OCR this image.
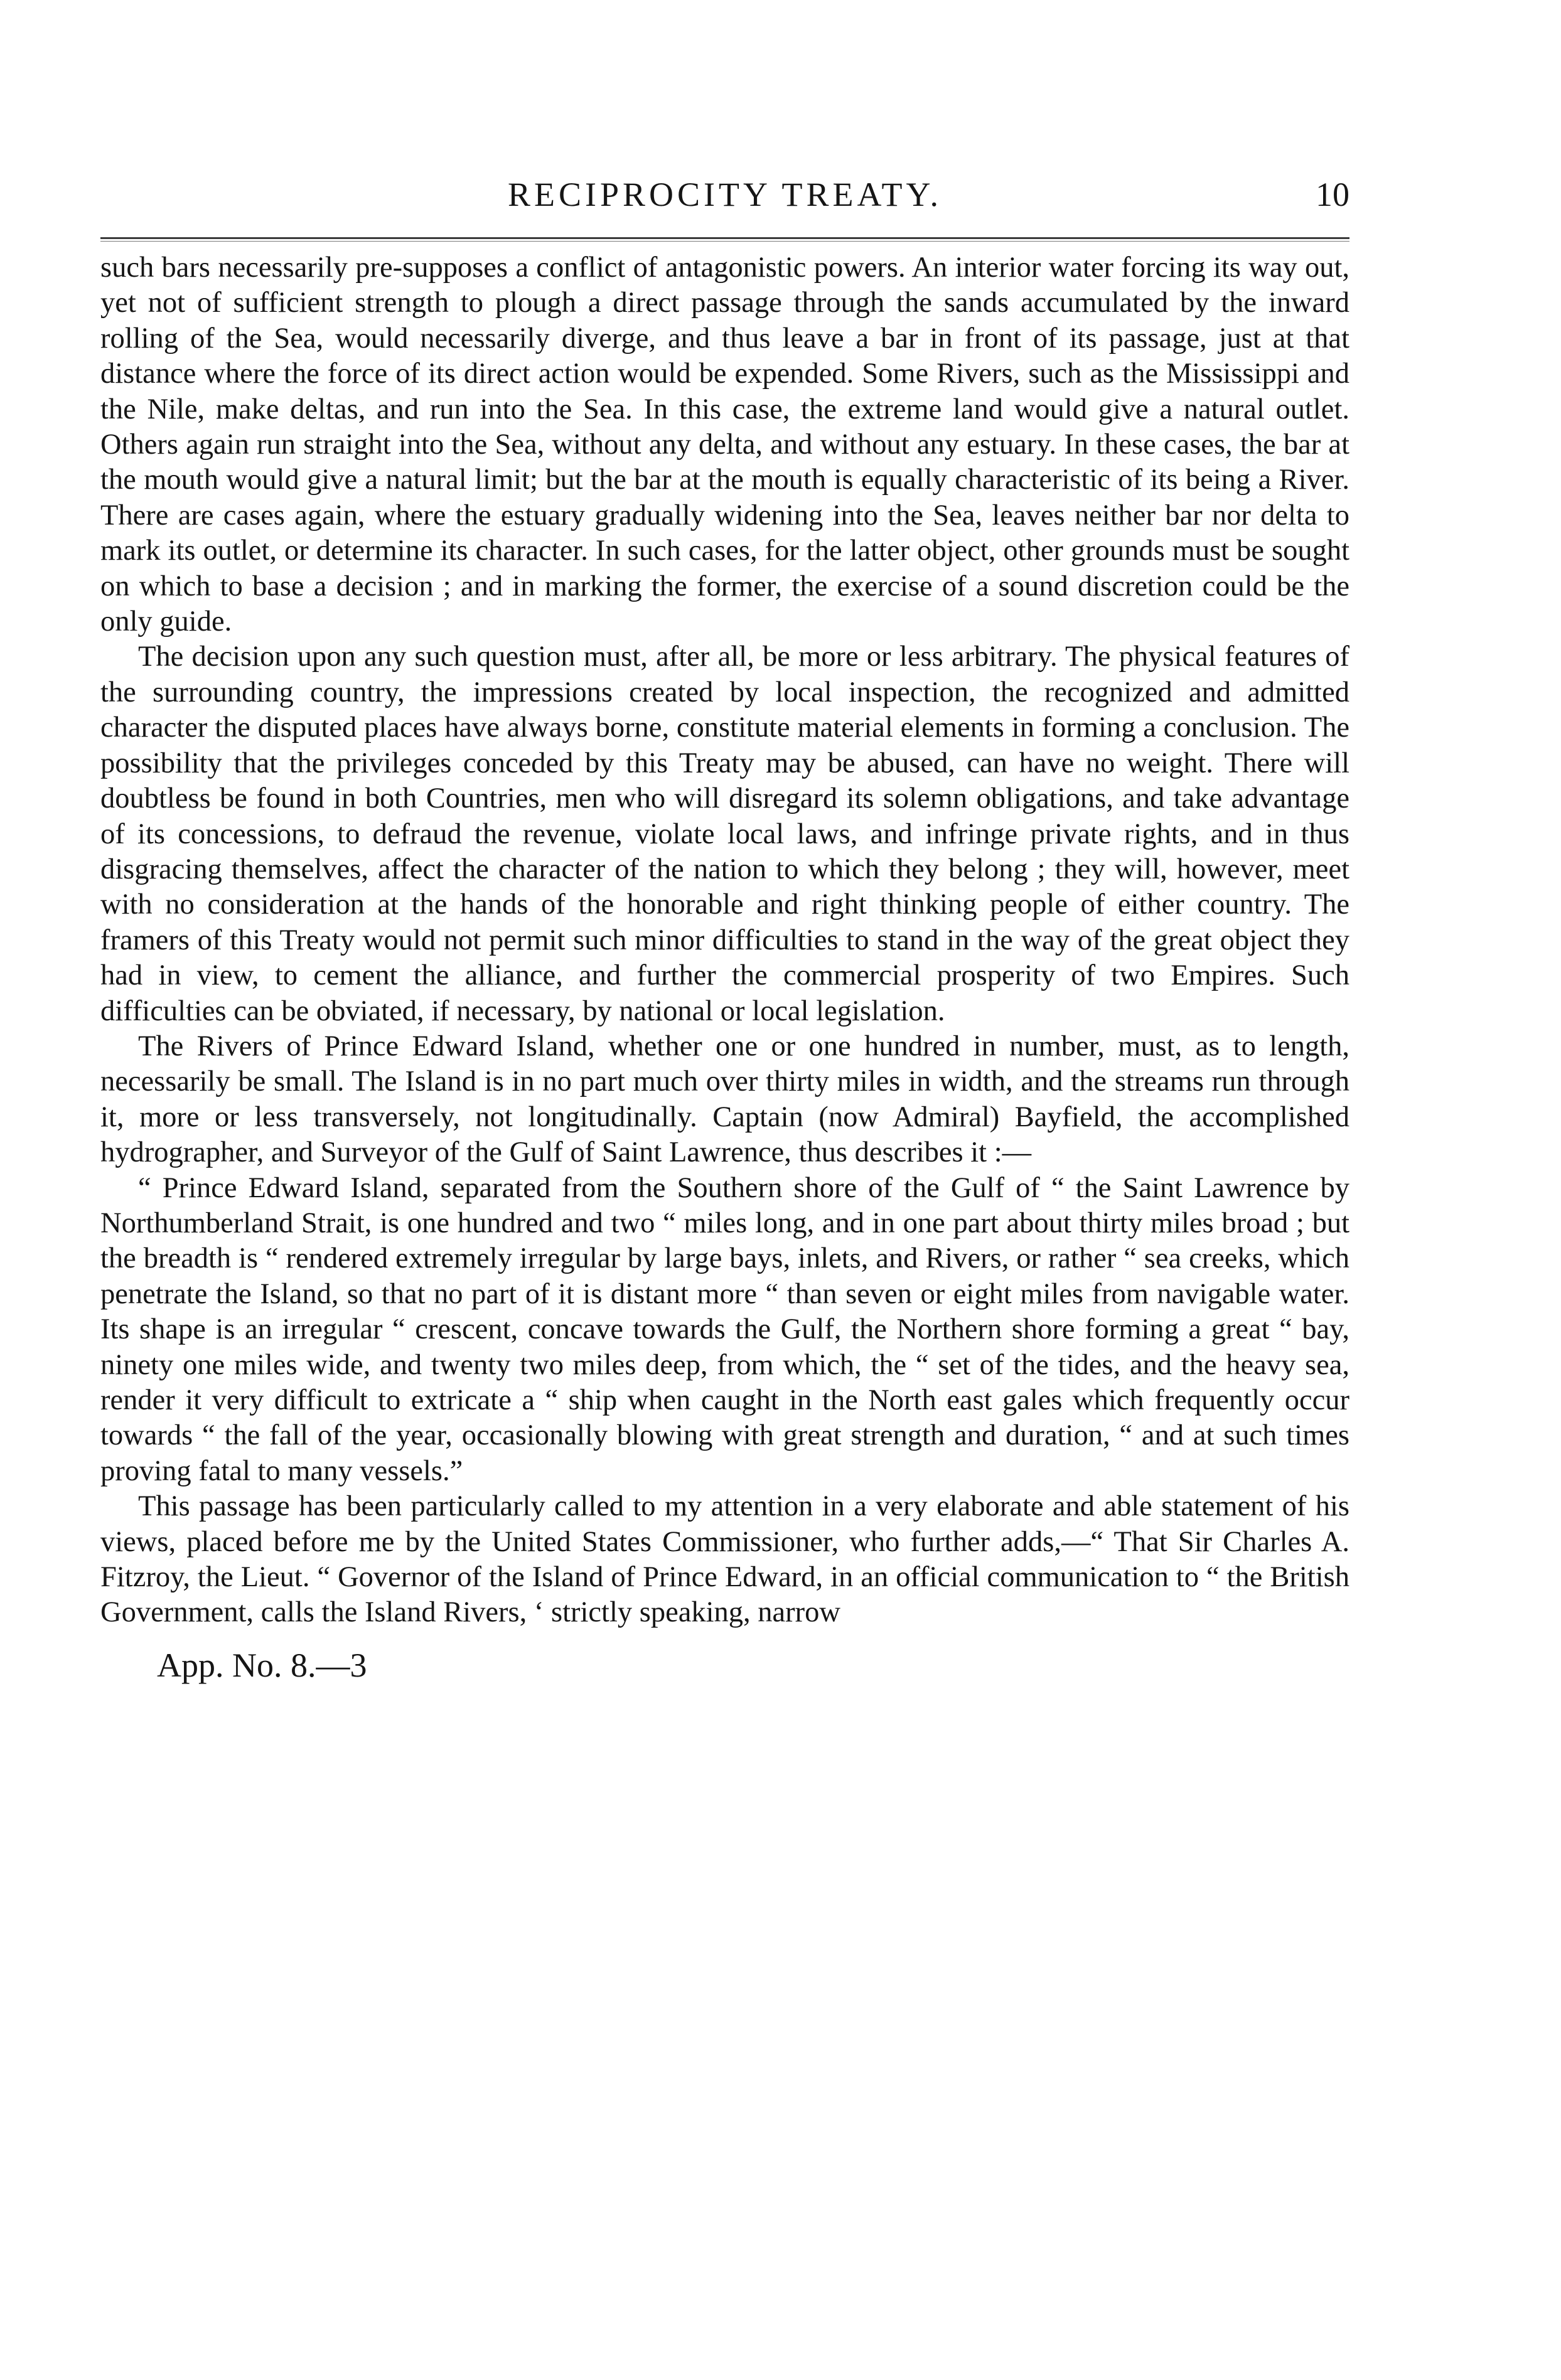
RECIPROCITY TREATY.	10

such bars necessarily pre-supposes a conflict of antagonistic powers. An interior water forcing its way out, yet not of sufficient strength to plough a direct passage through the sands accumulated by the inward rolling of the Sea, would necessarily diverge, and thus leave a bar in front of its passage, just at that distance where the force of its direct action would be expended. Some Rivers, such as the Mississippi and the Nile, make deltas, and run into the Sea. In this case, the extreme land would give a natural outlet. Others again run straight into the Sea, without any delta, and without any estuary. In these cases, the bar at the mouth would give a natural limit; but the bar at the mouth is equally characteristic of its being a River. There are cases again, where the estuary gradually widening into the Sea, leaves neither bar nor delta to mark its outlet, or determine its character. In such cases, for the latter object, other grounds must be sought on which to base a decision ; and in marking the former, the exercise of a sound discretion could be the only guide.

The decision upon any such question must, after all, be more or less arbitrary. The physical features of the surrounding country, the impressions created by local inspection, the recognized and admitted character the disputed places have always borne, constitute material elements in forming a conclusion. The possibility that the privileges conceded by this Treaty may be abused, can have no weight. There will doubtless be found in both Countries, men who will disregard its solemn obligations, and take advantage of its concessions, to defraud the revenue, violate local laws, and infringe private rights, and in thus disgracing themselves, affect the character of the nation to which they belong ; they will, however, meet with no consideration at the hands of the honorable and right thinking people of either country. The framers of this Treaty would not permit such minor difficulties to stand in the way of the great object they had in view, to cement the alliance, and further the commercial prosperity of two Empires. Such difficulties can be obviated, if necessary, by national or local legislation.

The Rivers of Prince Edward Island, whether one or one hundred in number, must, as to length, necessarily be small. The Island is in no part much over thirty miles in width, and the streams run through it, more or less transversely, not longitudinally. Captain (now Admiral) Bayfield, the accomplished hydrographer, and Surveyor of the Gulf of Saint Lawrence, thus describes it :—

“ Prince Edward Island, separated from the Southern shore of the Gulf of “ the Saint Lawrence by Northumberland Strait, is one hundred and two “ miles long, and in one part about thirty miles broad ; but the breadth is “ rendered extremely irregular by large bays, inlets, and Rivers, or rather “ sea creeks, which penetrate the Island, so that no part of it is distant more “ than seven or eight miles from navigable water. Its shape is an irregular “ crescent, concave towards the Gulf, the Northern shore forming a great “ bay, ninety one miles wide, and twenty two miles deep, from which, the “ set of the tides, and the heavy sea, render it very difficult to extricate a “ ship when caught in the North east gales which frequently occur towards “ the fall of the year, occasionally blowing with great strength and duration, “ and at such times proving fatal to many vessels.”

This passage has been particularly called to my attention in a very elaborate and able statement of his views, placed before me by the United States Commissioner, who further adds,—“ That Sir Charles A. Fitzroy, the Lieut. “ Governor of the Island of Prince Edward, in an official communication to “ the British Government, calls the Island Rivers, ‘ strictly speaking, narrow

App. No. 8.—3
